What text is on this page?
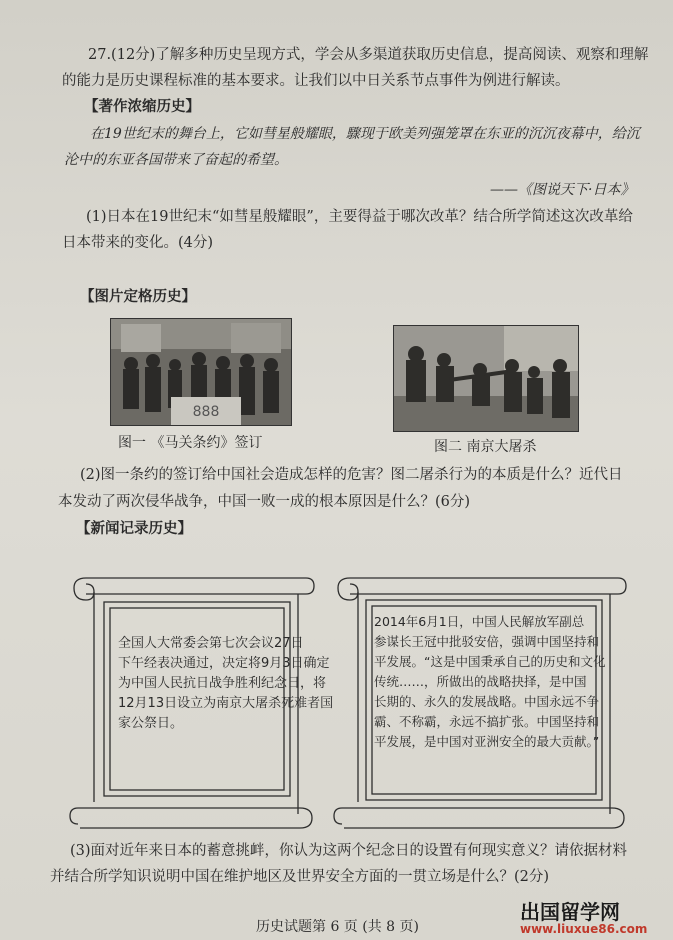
27.(12分)了解多种历史呈现方式，学会从多渠道获取历史信息，提高阅读、观察和理解
的能力是历史课程标准的基本要求。让我们以中日关系节点事件为例进行解读。
【著作浓缩历史】
在19世纪末的舞台上，它如彗星般耀眼，驟现于欧美列强笼罩在东亚的沉沉夜幕中，给沉
沦中的东亚各国带来了奋起的希望。
——《图说天下·日本》
(1)日本在19世纪末“如彗星般耀眼”，主要得益于哪次改革？结合所学简述这次改革给
日本带来的变化。(4分)
【图片定格历史】
888
图一 《马关条约》签订	图二 南京大屠杀
(2)图一条约的签订给中国社会造成怎样的危害？图二屠杀行为的本质是什么？近代日
本发动了两次侵华战争，中国一败一成的根本原因是什么？(6分)
【新闻记录历史】
全国人大常委会第七次会议27日
下午经表决通过，决定将9月3日确定
为中国人民抗日战争胜利纪念日，将
12月13日设立为南京大屠杀死难者国
家公祭日。
2014年6月1日，中国人民解放军副总
参谋长王冠中批驳安倍，强调中国坚持和
平发展。“这是中国秉承自己的历史和文化
传统……，所做出的战略抉择，是中国
长期的、永久的发展战略。中国永远不争
霸、不称霸，永远不搞扩张。中国坚持和
平发展，是中国对亚洲安全的最大贡献。”
(3)面对近年来日本的蓄意挑衅，你认为这两个纪念日的设置有何现实意义？请依据材料
并结合所学知识说明中国在维护地区及世界安全方面的一贯立场是什么？(2分)
历史试题第 6 页 (共 8 页)
出国留学网
www.liuxue86.com
